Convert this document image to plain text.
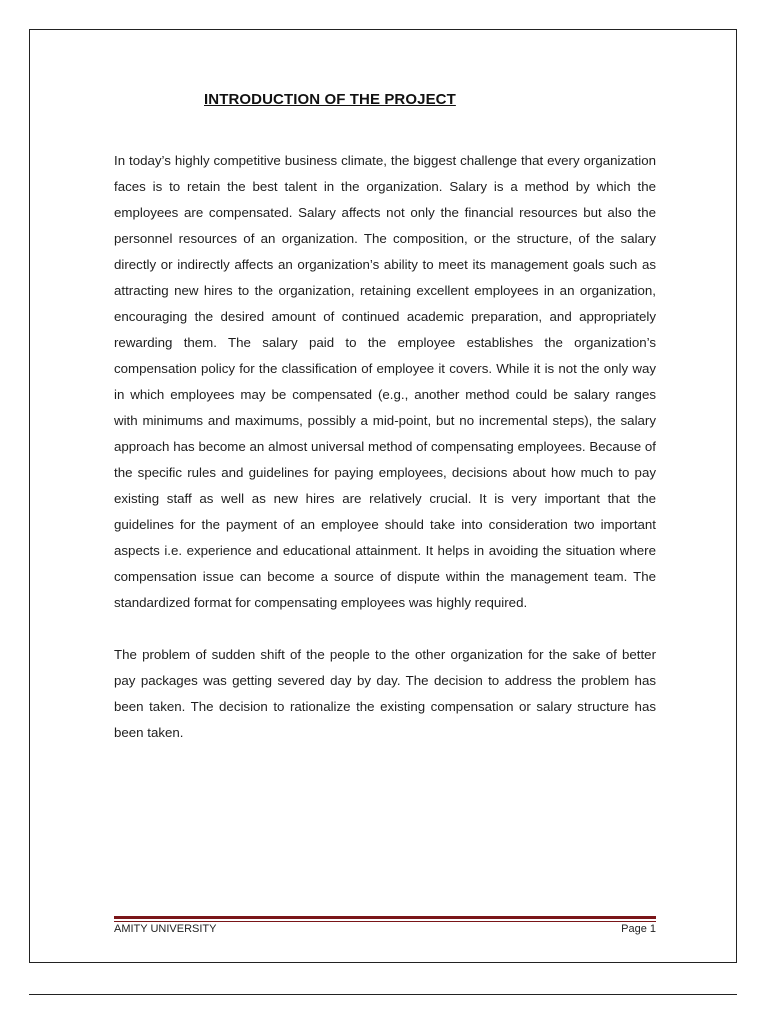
INTRODUCTION OF THE PROJECT

In today’s highly competitive business climate, the biggest challenge that every organization faces is to retain the best talent in the organization. Salary is a method by which the employees are compensated. Salary affects not only the financial resources but also the personnel resources of an organization. The composition, or the structure, of the salary directly or indirectly affects an organization’s ability to meet its management goals such as attracting new hires to the organization, retaining excellent employees in an organization, encouraging the desired amount of continued academic preparation, and appropriately rewarding them. The salary paid to the employee establishes the organization’s compensation policy for the classification of employee it covers. While it is not the only way in which employees may be compensated (e.g., another method could be salary ranges with minimums and maximums, possibly a mid-point, but no incremental steps), the salary approach has become an almost universal method of compensating employees. Because of the specific rules and guidelines for paying employees, decisions about how much to pay existing staff as well as new hires are relatively crucial. It is very important that the guidelines for the payment of an employee should take into consideration two important aspects i.e. experience and educational attainment. It helps in avoiding the situation where compensation issue can become a source of dispute within the management team. The standardized format for compensating employees was highly required.

The problem of sudden shift of the people to the other organization for the sake of better pay packages was getting severed day by day. The decision to address the problem has been taken. The decision to rationalize the existing compensation or salary structure has been taken.

AMITY UNIVERSITY	Page 1
